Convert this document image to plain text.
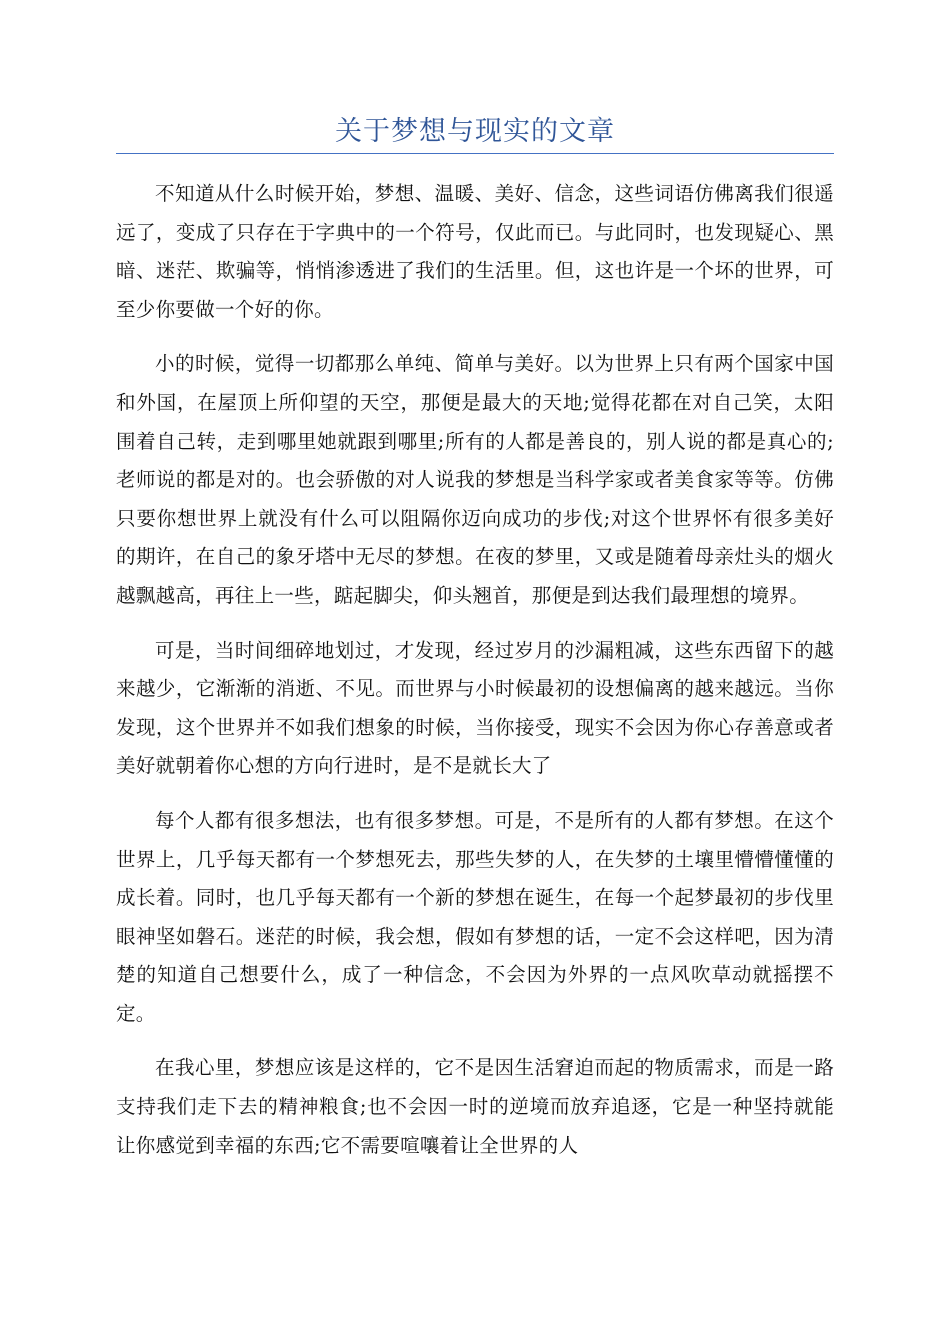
关于梦想与现实的文章

不知道从什么时候开始，梦想、温暖、美好、信念，这些词语仿佛离我们很遥远了，变成了只存在于字典中的一个符号，仅此而已。与此同时，也发现疑心、黑暗、迷茫、欺骗等，悄悄渗透进了我们的生活里。但，这也许是一个坏的世界，可至少你要做一个好的你。

小的时候，觉得一切都那么单纯、简单与美好。以为世界上只有两个国家中国和外国，在屋顶上所仰望的天空，那便是最大的天地;觉得花都在对自己笑，太阳围着自己转，走到哪里她就跟到哪里;所有的人都是善良的，别人说的都是真心的;老师说的都是对的。也会骄傲的对人说我的梦想是当科学家或者美食家等等。仿佛只要你想世界上就没有什么可以阻隔你迈向成功的步伐;对这个世界怀有很多美好的期许，在自己的象牙塔中无尽的梦想。在夜的梦里，又或是随着母亲灶头的烟火越飘越高，再往上一些，踮起脚尖，仰头翘首，那便是到达我们最理想的境界。

可是，当时间细碎地划过，才发现，经过岁月的沙漏粗减，这些东西留下的越来越少，它渐渐的消逝、不见。而世界与小时候最初的设想偏离的越来越远。当你发现，这个世界并不如我们想象的时候，当你接受，现实不会因为你心存善意或者美好就朝着你心想的方向行进时，是不是就长大了

每个人都有很多想法，也有很多梦想。可是，不是所有的人都有梦想。在这个世界上，几乎每天都有一个梦想死去，那些失梦的人，在失梦的土壤里懵懵懂懂的成长着。同时，也几乎每天都有一个新的梦想在诞生，在每一个起梦最初的步伐里眼神坚如磐石。迷茫的时候，我会想，假如有梦想的话，一定不会这样吧，因为清楚的知道自己想要什么，成了一种信念，不会因为外界的一点风吹草动就摇摆不定。

在我心里，梦想应该是这样的，它不是因生活窘迫而起的物质需求，而是一路支持我们走下去的精神粮食;也不会因一时的逆境而放弃追逐，它是一种坚持就能让你感觉到幸福的东西;它不需要喧嚷着让全世界的人
